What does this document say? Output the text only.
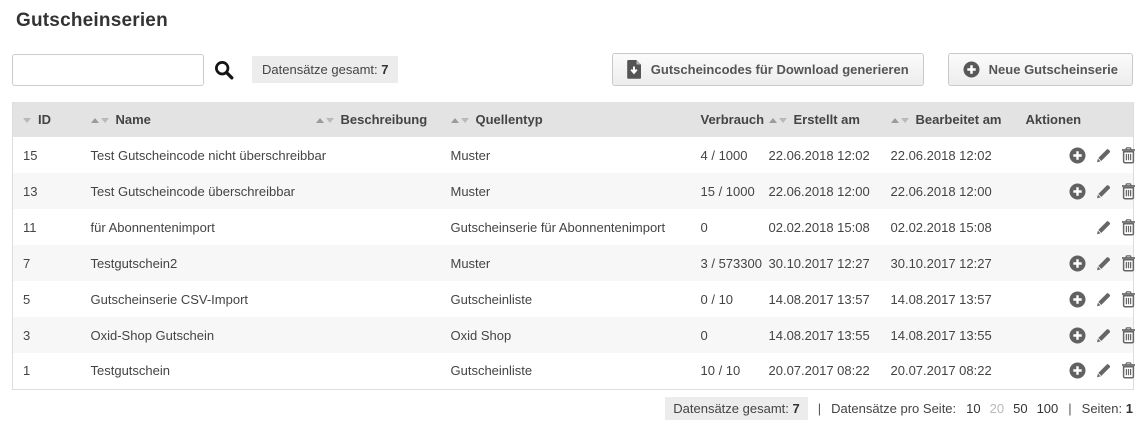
Gutscheinserien
Datensätze gesamt: 7	Gutscheincodes für Download generieren	Neue Gutscheinserie
ID	Name	Beschreibung	Quellentyp	Verbrauch	Erstellt am	Bearbeitet am	Aktionen
15	Test Gutscheincode nicht überschreibbar		Muster	4 / 1000	22.06.2018 12:02	22.06.2018 12:02	

13	Test Gutscheincode überschreibbar		Muster	15 / 1000	22.06.2018 12:00	22.06.2018 12:00	

11	für Abonnentenimport		Gutscheinserie für Abonnentenimport	0	02.02.2018 15:08	02.02.2018 15:08	

7	Testgutschein2		Muster	3 / 573300	30.10.2017 12:27	30.10.2017 12:27	

5	Gutscheinserie CSV-Import		Gutscheinliste	0 / 10	14.08.2017 13:57	14.08.2017 13:57	

3	Oxid-Shop Gutschein		Oxid Shop	0	14.08.2017 13:55	14.08.2017 13:55	

1	Testgutschein		Gutscheinliste	10 / 10	20.07.2017 08:22	20.07.2017 08:22	
Datensätze gesamt: 7	| Datensätze pro Seite: 10 20 50 100 | Seiten: 1
